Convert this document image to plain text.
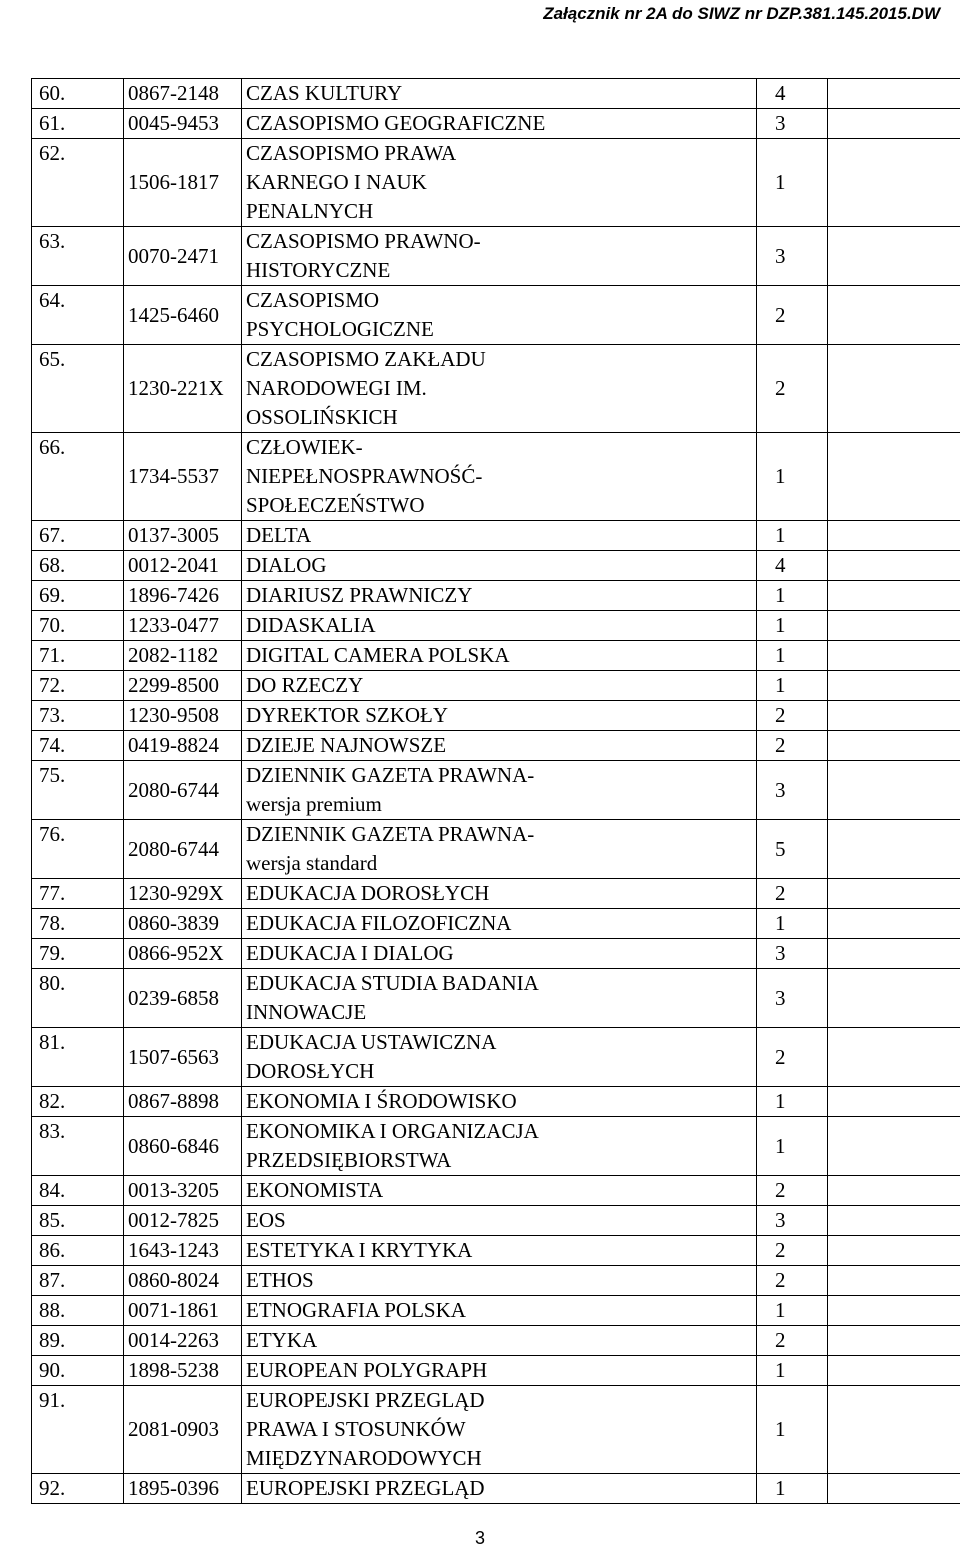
Załącznik nr 2A do SIWZ nr DZP.381.145.2015.DW
60.	0867-2148	CZAS KULTURY	4	
61.	0045-9453	CZASOPISMO GEOGRAFICZNE	3	
62.	1506-1817	CZASOPISMO PRAWA
KARNEGO I NAUK
PENALNYCH	1	
63.	0070-2471	CZASOPISMO PRAWNO-
HISTORYCZNE	3	
64.	1425-6460	CZASOPISMO
PSYCHOLOGICZNE	2	
65.	1230-221X	CZASOPISMO ZAKŁADU
NARODOWEGI IM.
OSSOLIŃSKICH	2	
66.	1734-5537	CZŁOWIEK-
NIEPEŁNOSPRAWNOŚĆ-
SPOŁECZEŃSTWO	1	
67.	0137-3005	DELTA	1	
68.	0012-2041	DIALOG	4	
69.	1896-7426	DIARIUSZ PRAWNICZY	1	
70.	1233-0477	DIDASKALIA	1	
71.	2082-1182	DIGITAL CAMERA POLSKA	1	
72.	2299-8500	DO RZECZY	1	
73.	1230-9508	DYREKTOR SZKOŁY	2	
74.	0419-8824	DZIEJE NAJNOWSZE	2	
75.	2080-6744	DZIENNIK GAZETA PRAWNA-
wersja premium	3	
76.	2080-6744	DZIENNIK GAZETA PRAWNA-
wersja standard	5	
77.	1230-929X	EDUKACJA DOROSŁYCH	2	
78.	0860-3839	EDUKACJA FILOZOFICZNA	1	
79.	0866-952X	EDUKACJA I DIALOG	3	
80.	0239-6858	EDUKACJA STUDIA BADANIA
INNOWACJE	3	
81.	1507-6563	EDUKACJA USTAWICZNA
DOROSŁYCH	2	
82.	0867-8898	EKONOMIA I ŚRODOWISKO	1	
83.	0860-6846	EKONOMIKA I ORGANIZACJA
PRZEDSIĘBIORSTWA	1	
84.	0013-3205	EKONOMISTA	2	
85.	0012-7825	EOS	3	
86.	1643-1243	ESTETYKA I KRYTYKA	2	
87.	0860-8024	ETHOS	2	
88.	0071-1861	ETNOGRAFIA POLSKA	1	
89.	0014-2263	ETYKA	2	
90.	1898-5238	EUROPEAN POLYGRAPH	1	
91.	2081-0903	EUROPEJSKI PRZEGLĄD
PRAWA I STOSUNKÓW
MIĘDZYNARODOWYCH	1	
92.	1895-0396	EUROPEJSKI PRZEGLĄD	1	
3
